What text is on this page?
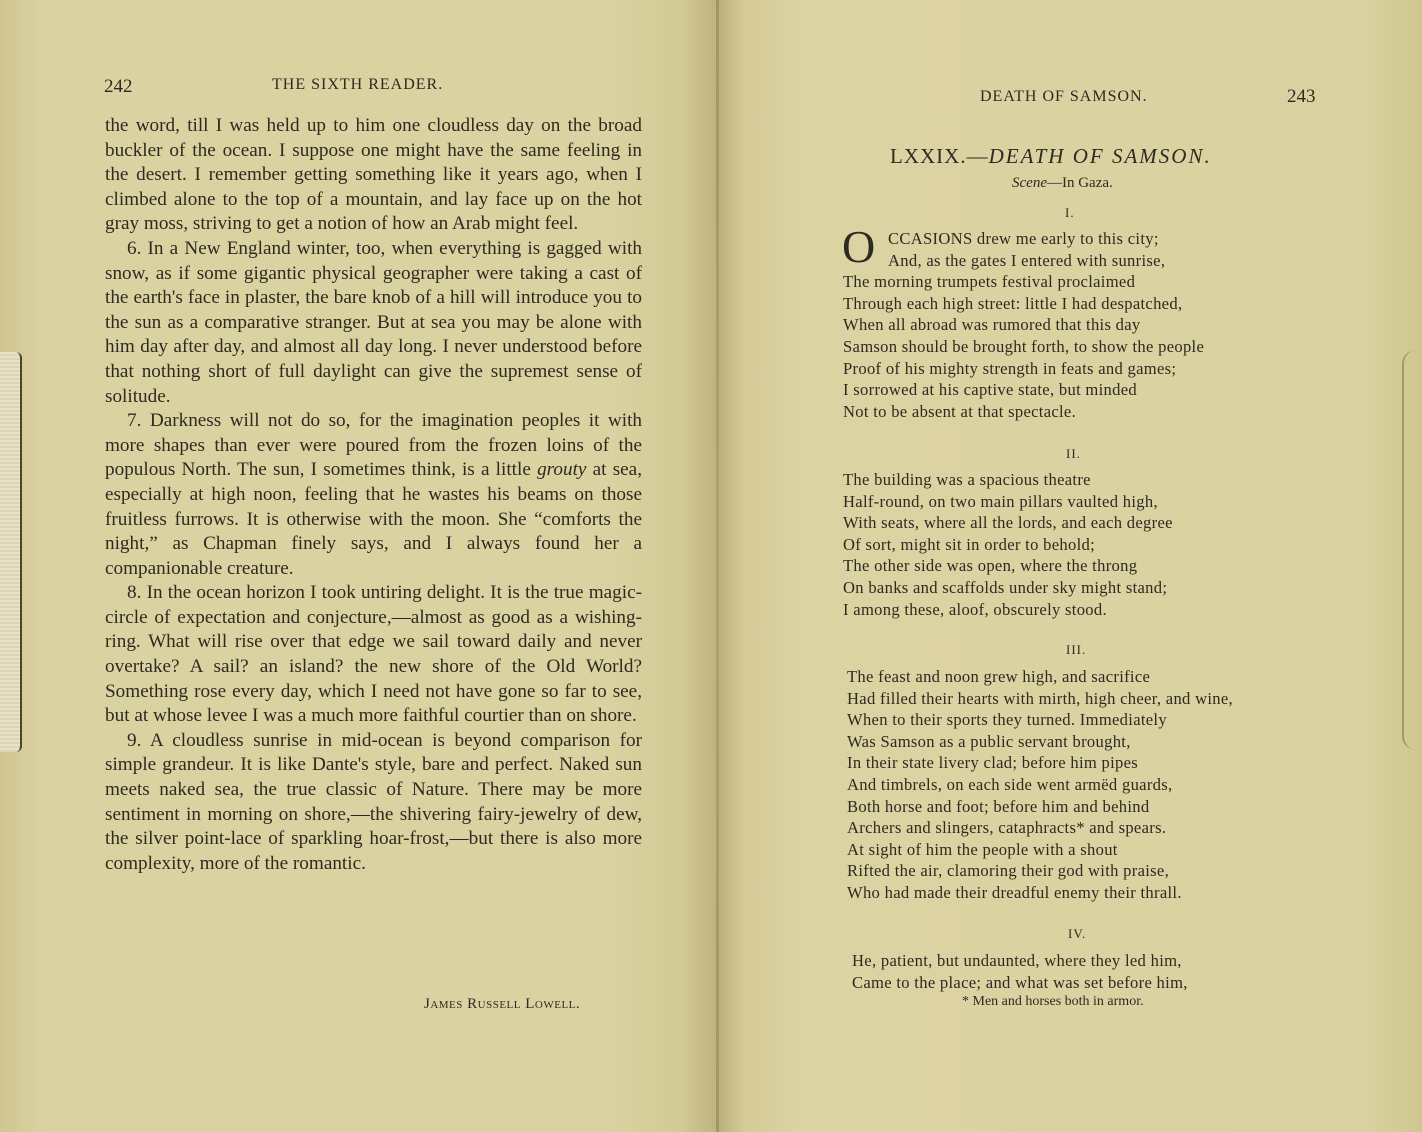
242	THE SIXTH READER.

the word, till I was held up to him one cloudless day on the broad buckler of the ocean. I suppose one might have the same feeling in the desert. I remember getting something like it years ago, when I climbed alone to the top of a mountain, and lay face up on the hot gray moss, striving to get a notion of how an Arab might feel.

6. In a New England winter, too, when everything is gagged with snow, as if some gigantic physical geographer were taking a cast of the earth's face in plaster, the bare knob of a hill will introduce you to the sun as a comparative stranger. But at sea you may be alone with him day after day, and almost all day long. I never understood before that nothing short of full daylight can give the supremest sense of solitude.

7. Darkness will not do so, for the imagination peoples it with more shapes than ever were poured from the frozen loins of the populous North. The sun, I sometimes think, is a little grouty at sea, especially at high noon, feeling that he wastes his beams on those fruitless furrows. It is otherwise with the moon. She “comforts the night,” as Chapman finely says, and I always found her a companionable creature.

8. In the ocean horizon I took untiring delight. It is the true magic-circle of expectation and conjecture,—almost as good as a wishing-ring. What will rise over that edge we sail toward daily and never overtake? A sail? an island? the new shore of the Old World? Something rose every day, which I need not have gone so far to see, but at whose levee I was a much more faithful courtier than on shore.

9. A cloudless sunrise in mid-ocean is beyond comparison for simple grandeur. It is like Dante's style, bare and perfect. Naked sun meets naked sea, the true classic of Nature. There may be more sentiment in morning on shore,—the shivering fairy-jewelry of dew, the silver point-lace of sparkling hoar-frost,—but there is also more complexity, more of the romantic.

James Russell Lowell.
DEATH OF SAMSON.	243
LXXIX.—DEATH OF SAMSON.
Scene—In Gaza.
I.
O CCASIONS drew me early to this city;
And, as the gates I entered with sunrise,
The morning trumpets festival proclaimed
Through each high street: little I had despatched,
When all abroad was rumored that this day
Samson should be brought forth, to show the people
Proof of his mighty strength in feats and games;
I sorrowed at his captive state, but minded
Not to be absent at that spectacle.
II.
The building was a spacious theatre
Half-round, on two main pillars vaulted high,
With seats, where all the lords, and each degree
Of sort, might sit in order to behold;
The other side was open, where the throng
On banks and scaffolds under sky might stand;
I among these, aloof, obscurely stood.
III.
The feast and noon grew high, and sacrifice
Had filled their hearts with mirth, high cheer, and wine,
When to their sports they turned. Immediately
Was Samson as a public servant brought,
In their state livery clad; before him pipes
And timbrels, on each side went armëd guards,
Both horse and foot; before him and behind
Archers and slingers, cataphracts* and spears.
At sight of him the people with a shout
Rifted the air, clamoring their god with praise,
Who had made their dreadful enemy their thrall.
IV.
He, patient, but undaunted, where they led him,
Came to the place; and what was set before him,
* Men and horses both in armor.
